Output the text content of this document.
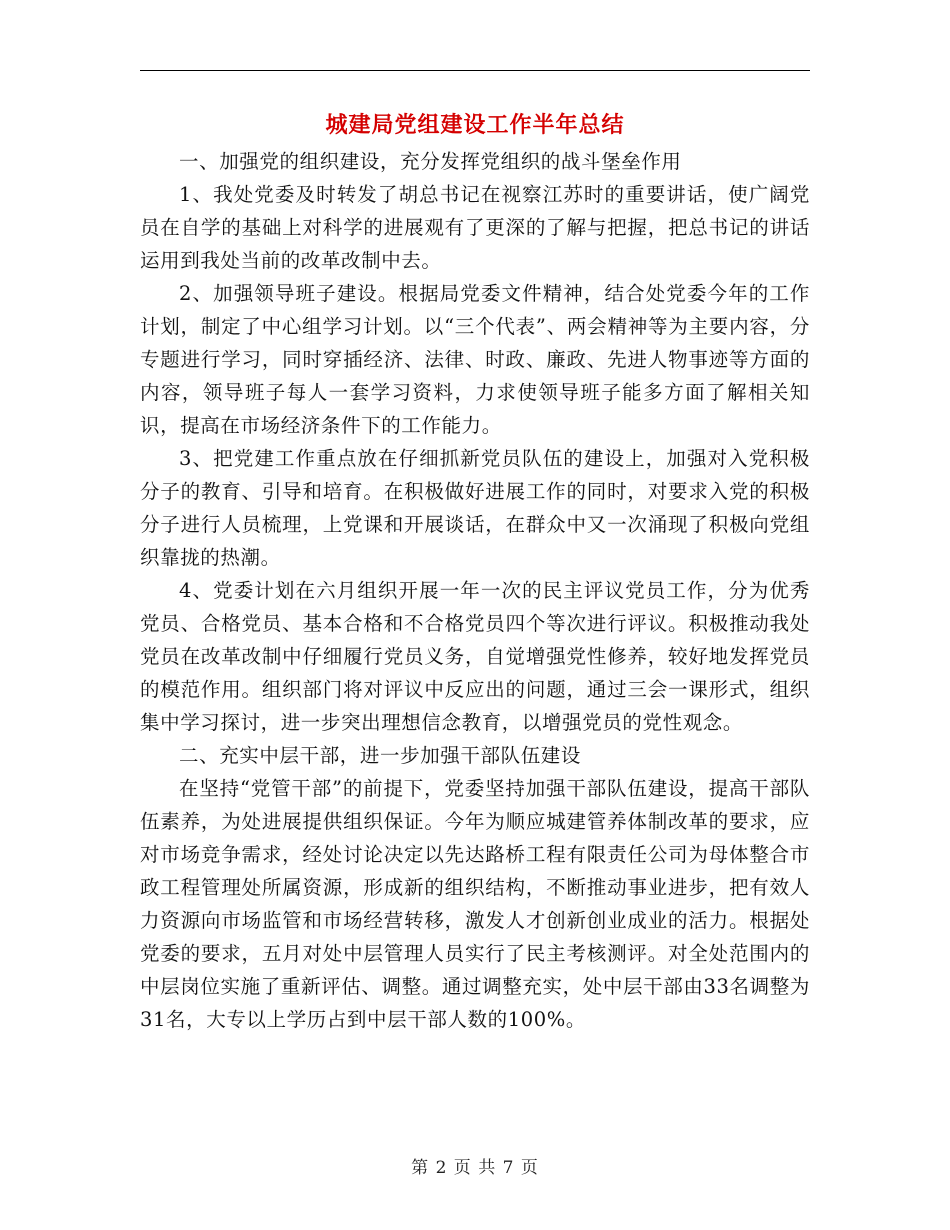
城建局党组建设工作半年总结

一、加强党的组织建设，充分发挥党组织的战斗堡垒作用

1、我处党委及时转发了胡总书记在视察江苏时的重要讲话，使广阔党员在自学的基础上对科学的进展观有了更深的了解与把握，把总书记的讲话运用到我处当前的改革改制中去。

2、加强领导班子建设。根据局党委文件精神，结合处党委今年的工作计划，制定了中心组学习计划。以“三个代表”、两会精神等为主要内容，分专题进行学习，同时穿插经济、法律、时政、廉政、先进人物事迹等方面的内容，领导班子每人一套学习资料，力求使领导班子能多方面了解相关知识，提高在市场经济条件下的工作能力。

3、把党建工作重点放在仔细抓新党员队伍的建设上，加强对入党积极分子的教育、引导和培育。在积极做好进展工作的同时，对要求入党的积极分子进行人员梳理，上党课和开展谈话，在群众中又一次涌现了积极向党组织靠拢的热潮。

4、党委计划在六月组织开展一年一次的民主评议党员工作，分为优秀党员、合格党员、基本合格和不合格党员四个等次进行评议。积极推动我处党员在改革改制中仔细履行党员义务，自觉增强党性修养，较好地发挥党员的模范作用。组织部门将对评议中反应出的问题，通过三会一课形式，组织集中学习探讨，进一步突出理想信念教育，以增强党员的党性观念。

二、充实中层干部，进一步加强干部队伍建设

在坚持“党管干部”的前提下，党委坚持加强干部队伍建设，提高干部队伍素养，为处进展提供组织保证。今年为顺应城建管养体制改革的要求，应对市场竞争需求，经处讨论决定以先达路桥工程有限责任公司为母体整合市政工程管理处所属资源，形成新的组织结构，不断推动事业进步，把有效人力资源向市场监管和市场经营转移，激发人才创新创业成业的活力。根据处党委的要求，五月对处中层管理人员实行了民主考核测评。对全处范围内的中层岗位实施了重新评估、调整。通过调整充实，处中层干部由33名调整为31名，大专以上学历占到中层干部人数的100%。

第 2 页 共 7 页
